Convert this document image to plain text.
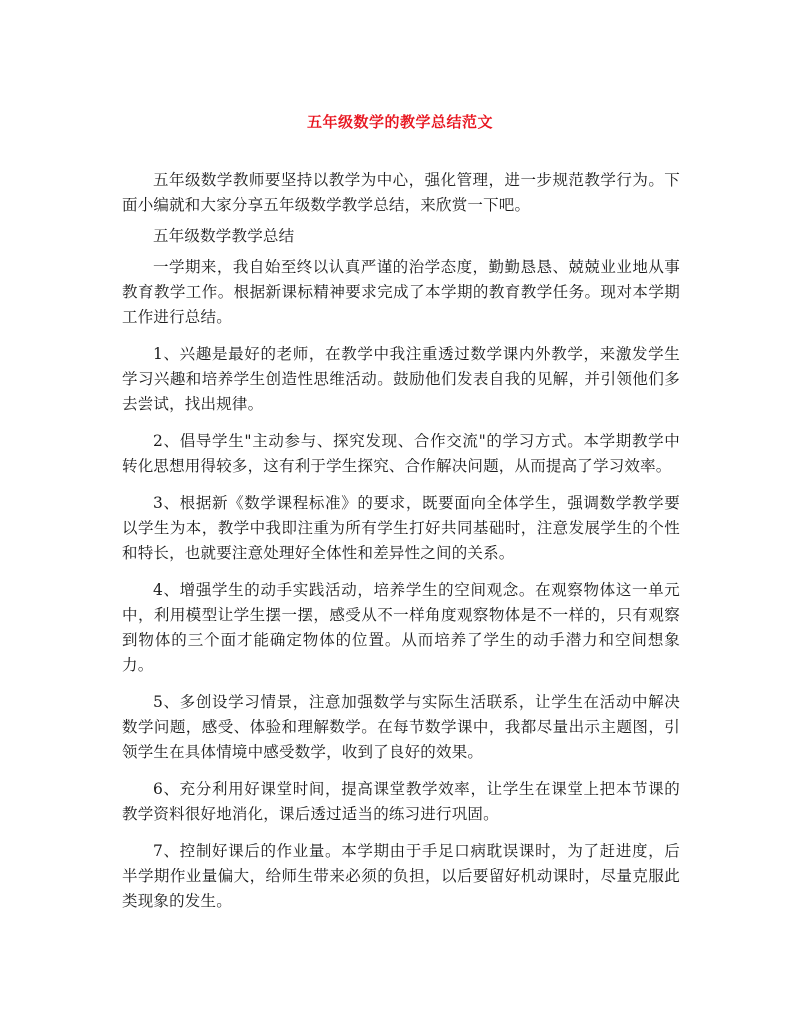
五年级数学的教学总结范文

五年级数学教师要坚持以教学为中心，强化管理，进一步规范教学行为。下面小编就和大家分享五年级数学教学总结，来欣赏一下吧。

五年级数学教学总结

一学期来，我自始至终以认真严谨的治学态度，勤勤恳恳、兢兢业业地从事教育教学工作。根据新课标精神要求完成了本学期的教育教学任务。现对本学期工作进行总结。

1、兴趣是最好的老师，在教学中我注重透过数学课内外教学，来激发学生学习兴趣和培养学生创造性思维活动。鼓励他们发表自我的见解，并引领他们多去尝试，找出规律。

2、倡导学生"主动参与、探究发现、合作交流"的学习方式。本学期教学中转化思想用得较多，这有利于学生探究、合作解决问题，从而提高了学习效率。

3、根据新《数学课程标准》的要求，既要面向全体学生，强调数学教学要以学生为本，教学中我即注重为所有学生打好共同基础时，注意发展学生的个性和特长，也就要注意处理好全体性和差异性之间的关系。

4、增强学生的动手实践活动，培养学生的空间观念。在观察物体这一单元中，利用模型让学生摆一摆，感受从不一样角度观察物体是不一样的，只有观察到物体的三个面才能确定物体的位置。从而培养了学生的动手潜力和空间想象力。

5、多创设学习情景，注意加强数学与实际生活联系，让学生在活动中解决数学问题，感受、体验和理解数学。在每节数学课中，我都尽量出示主题图，引领学生在具体情境中感受数学，收到了良好的效果。

6、充分利用好课堂时间，提高课堂教学效率，让学生在课堂上把本节课的教学资料很好地消化，课后透过适当的练习进行巩固。

7、控制好课后的作业量。本学期由于手足口病耽误课时，为了赶进度，后半学期作业量偏大，给师生带来必须的负担，以后要留好机动课时，尽量克服此类现象的发生。
